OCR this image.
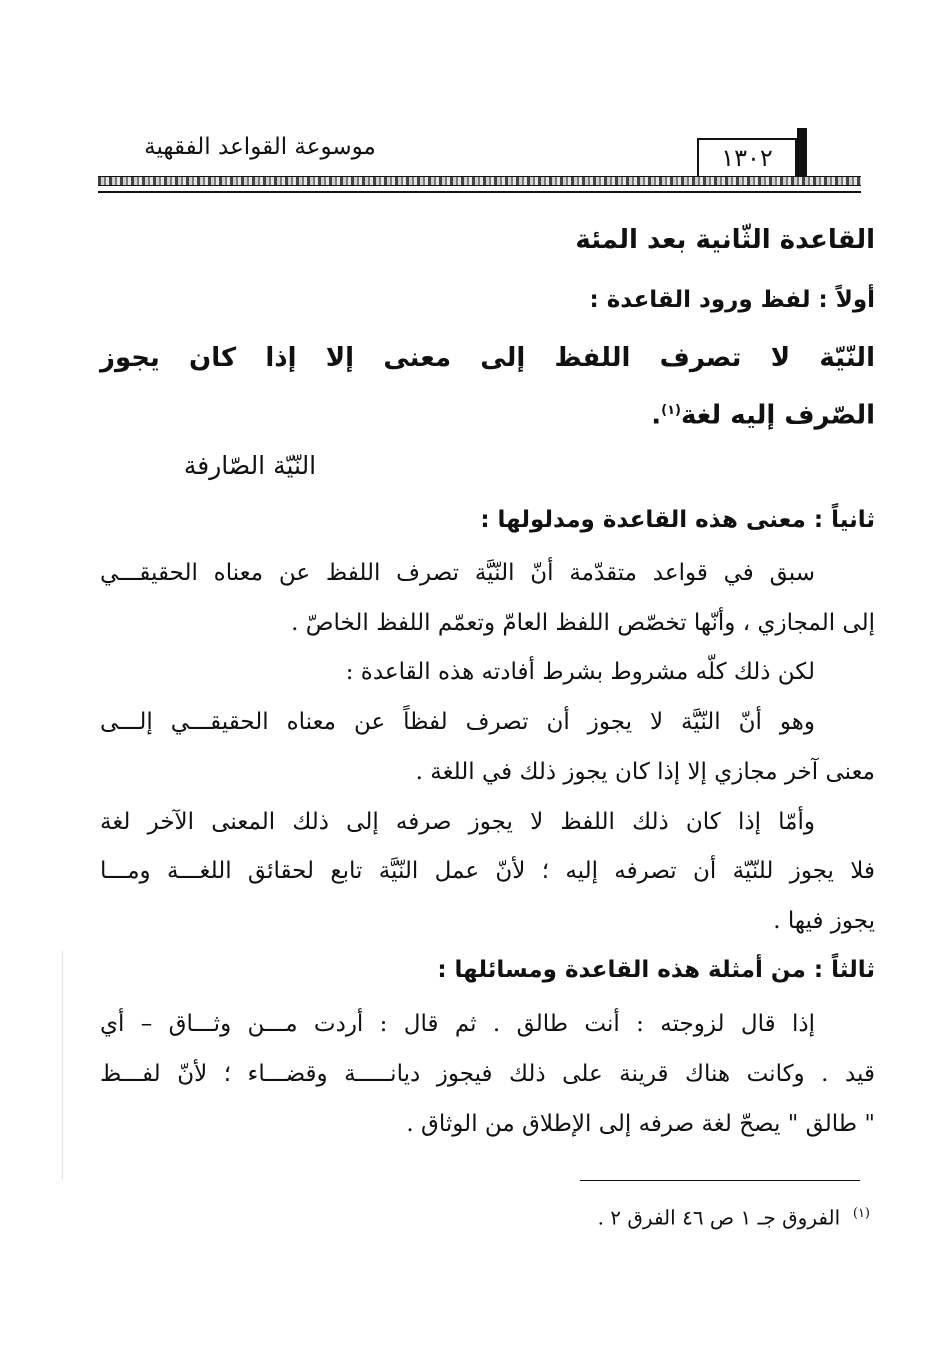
موسوعة القواعد الفقهية	١٣٠٢
القاعدة الثّانية بعد المئة
أولاً : لفظ ورود القاعدة :
النّيّة لا تصرف اللفظ إلى معنى إلا إذا كان يجوز
الصّرف إليه لغة$^{(١)}$.
النّيّة الصّارفة
ثانياً : معنى هذه القاعدة ومدلولها :
سبق في قواعد متقدّمة أنّ النّيَّة تصرف اللفظ عن معناه الحقيقـــي
إلى المجازي ، وأنّها تخصّص اللفظ العامّ وتعمّم اللفظ الخاصّ .
لكن ذلك كلّه مشروط بشرط أفادته هذه القاعدة :
وهو أنّ النّيَّة لا يجوز أن تصرف لفظاً عن معناه الحقيقـــي إلـــى
معنى آخر مجازي إلا إذا كان يجوز ذلك في اللغة .
وأمّا إذا كان ذلك اللفظ لا يجوز صرفه إلى ذلك المعنى الآخر لغة
فلا يجوز للنّيّة أن تصرفه إليه ؛ لأنّ عمل النّيَّة تابع لحقائق اللغـــة ومـــا
يجوز فيها .
ثالثاً : من أمثلة هذه القاعدة ومسائلها :
إذا قال لزوجته : أنت طالق . ثم قال : أردت مـــن وثـــاق – أي
قيد . وكانت هناك قرينة على ذلك فيجوز ديانـــــة وقضـــاء ؛ لأنّ لفـــظ
" طالق " يصحّ لغة صرفه إلى الإطلاق من الوثاق .
$^{(١)}$  الفروق جـ ١ ص ٤٦ الفرق ٢ .
